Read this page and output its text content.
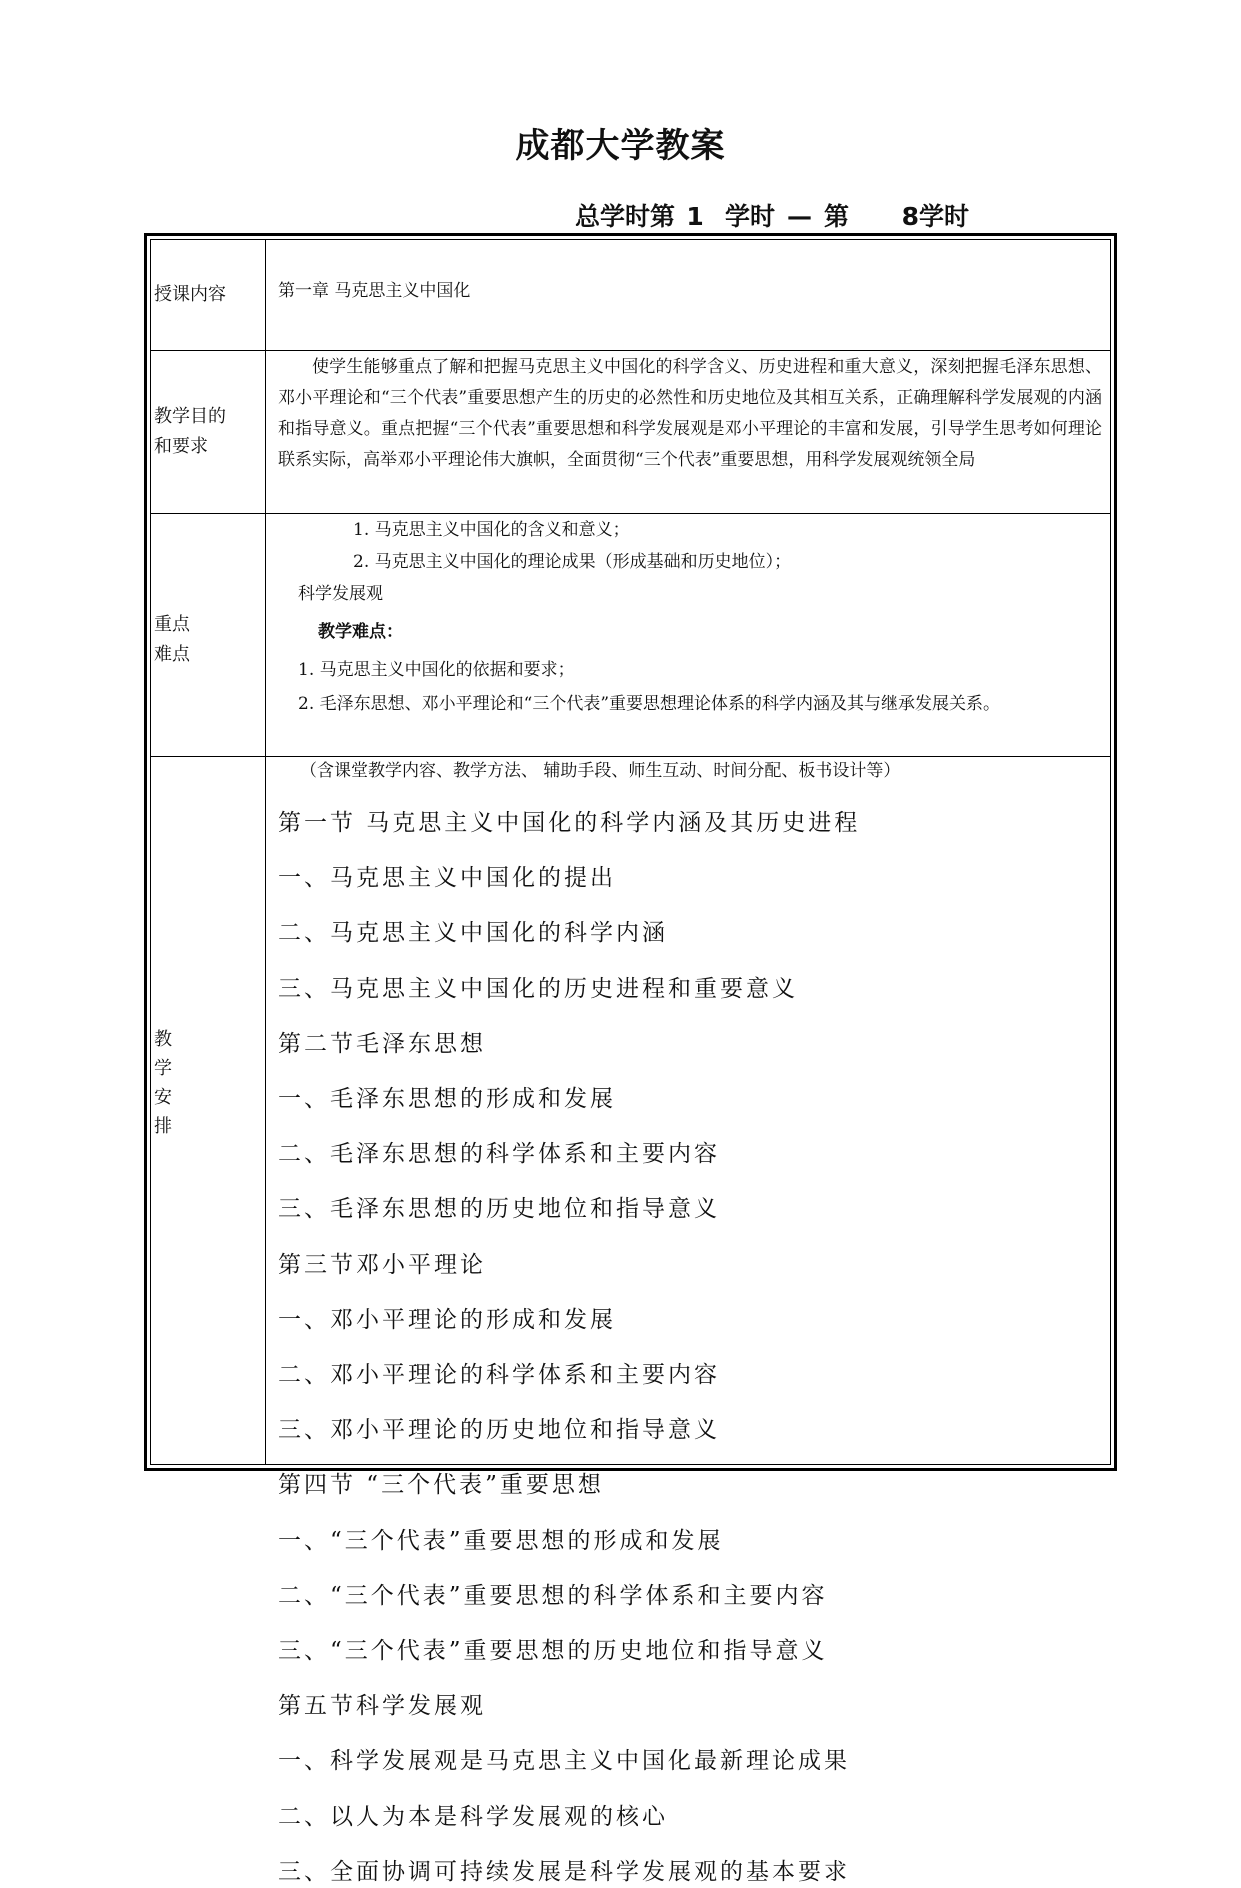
成都大学教案
总学时第 1 学时 — 第 8学时
授课内容	第一章 马克思主义中国化

教学目的
和要求

使学生能够重点了解和把握马克思主义中国化的科学含义、历史进程和重大意义，深刻把握毛泽东思想、邓小平理论和“三个代表”重要思想产生的历史的必然性和历史地位及其相互关系，正确理解科学发展观的内涵和指导意义。重点把握“三个代表”重要思想和科学发展观是邓小平理论的丰富和发展，引导学生思考如何理论联系实际，高举邓小平理论伟大旗帜，全面贯彻“三个代表”重要思想，用科学发展观统领全局

重点
难点

1. 马克思主义中国化的含义和意义；

2. 马克思主义中国化的理论成果（形成基础和历史地位）；

科学发展观

教学难点：

1. 马克思主义中国化的依据和要求；

2. 毛泽东思想、邓小平理论和“三个代表”重要思想理论体系的科学内涵及其与继承发展关系。

教
学
安
排

（含课堂教学内容、教学方法、 辅助手段、师生互动、时间分配、板书设计等）

第一节 马克思主义中国化的科学内涵及其历史进程

一、马克思主义中国化的提出

二、马克思主义中国化的科学内涵

三、马克思主义中国化的历史进程和重要意义

第二节毛泽东思想

一、毛泽东思想的形成和发展

二、毛泽东思想的科学体系和主要内容

三、毛泽东思想的历史地位和指导意义

第三节邓小平理论

一、邓小平理论的形成和发展

二、邓小平理论的科学体系和主要内容

三、邓小平理论的历史地位和指导意义

第四节 “三个代表”重要思想

一、“三个代表”重要思想的形成和发展

二、“三个代表”重要思想的科学体系和主要内容

三、“三个代表”重要思想的历史地位和指导意义

第五节科学发展观

一、科学发展观是马克思主义中国化最新理论成果

二、以人为本是科学发展观的核心

三、全面协调可持续发展是科学发展观的基本要求
